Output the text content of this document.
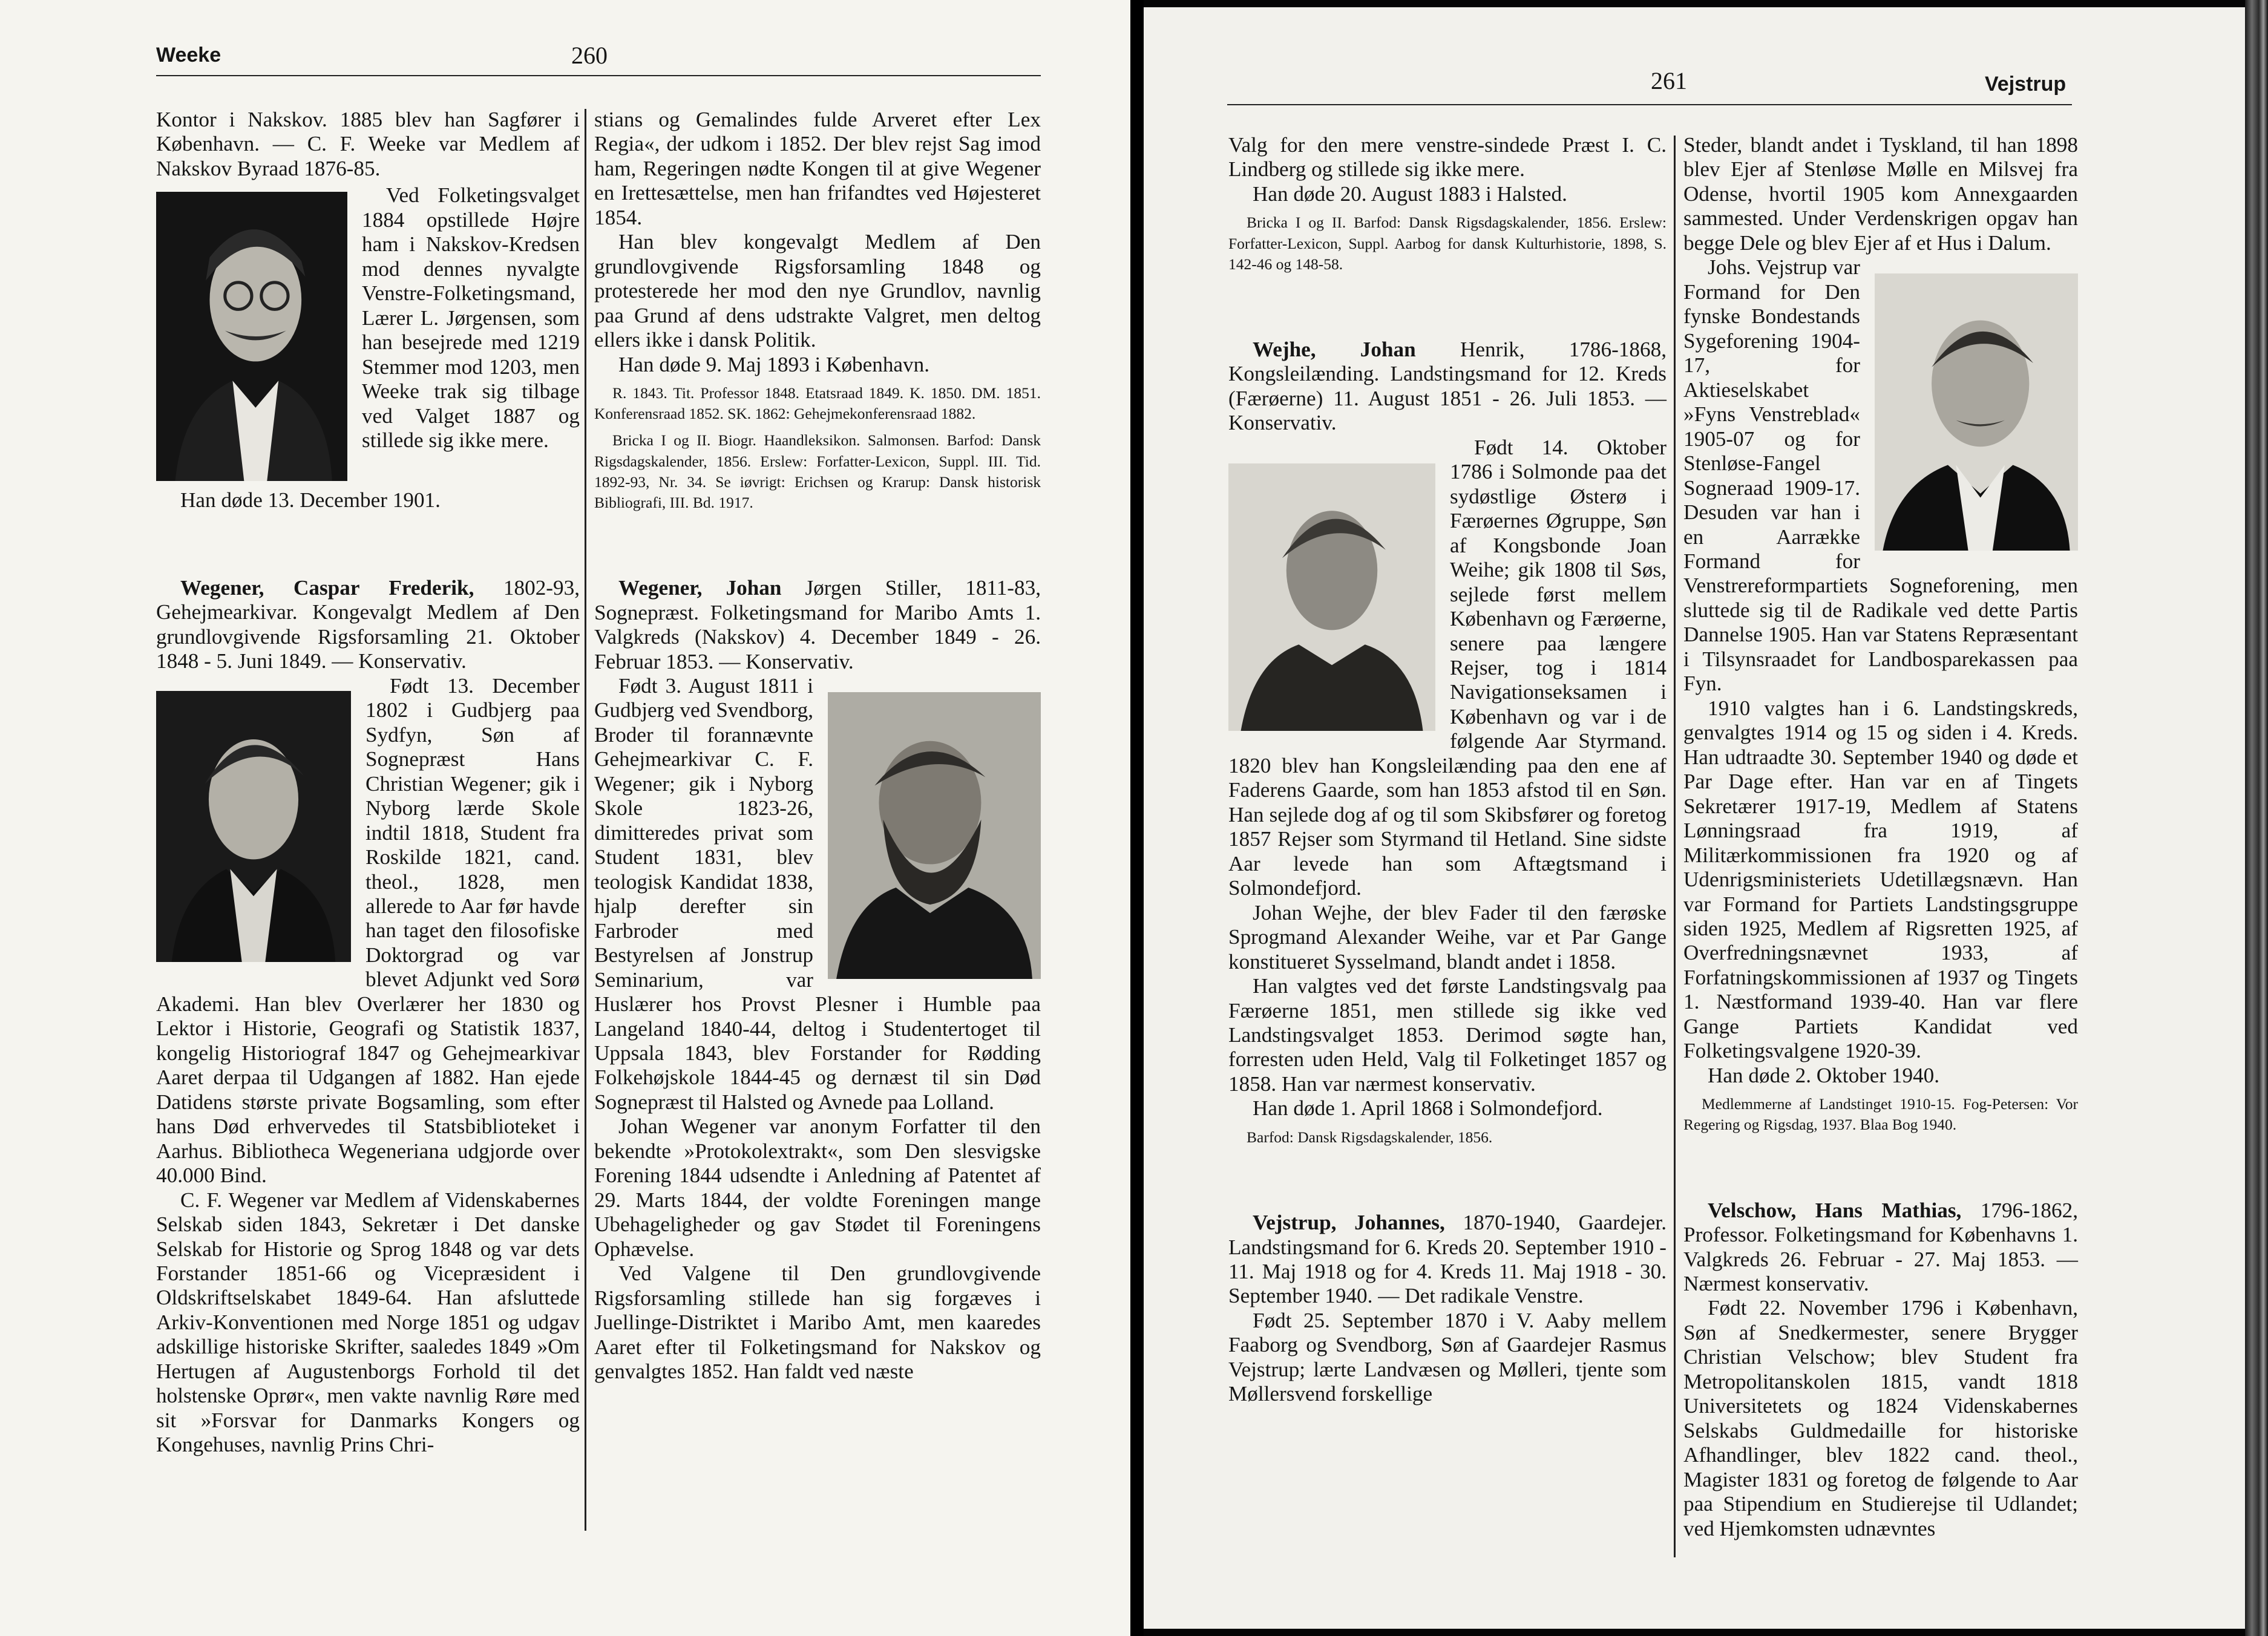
Weeke	260

Kontor i Nakskov. 1885 blev han Sagfører i København. — C. F. Weeke var Medlem af Nakskov Byraad 1876-85.

Ved Folketingsvalget 1884 opstillede Højre ham i Nakskov-Kredsen mod dennes nyvalgte Venstre-Folketingsmand, Lærer L. Jørgensen, som han besejrede med 1219 Stemmer mod 1203, men Weeke trak sig tilbage ved Valget 1887 og stillede sig ikke mere.

Han døde 13. December 1901.

Wegener, Caspar Frederik, 1802-93, Gehejmearkivar. Kongevalgt Medlem af Den grundlovgivende Rigsforsamling 21. Oktober 1848 - 5. Juni 1849. — Konservativ.

Født 13. December 1802 i Gudbjerg paa Sydfyn, Søn af Sognepræst Hans Christian Wegener; gik i Nyborg lærde Skole indtil 1818, Student fra Roskilde 1821, cand. theol., 1828, men allerede to Aar før havde han taget den filosofiske Doktorgrad og var blevet Adjunkt ved Sorø Akademi. Han blev Overlærer her 1830 og Lektor i Historie, Geografi og Statistik 1837, kongelig Historiograf 1847 og Gehejmearkivar Aaret derpaa til Udgangen af 1882. Han ejede Datidens største private Bogsamling, som efter hans Død erhvervedes til Statsbiblioteket i Aarhus. Bibliotheca Wegeneriana udgjorde over 40.000 Bind.

C. F. Wegener var Medlem af Videnskabernes Selskab siden 1843, Sekretær i Det danske Selskab for Historie og Sprog 1848 og var dets Forstander 1851-66 og Vicepræsident i Oldskriftselskabet 1849-64. Han afsluttede Arkiv-Konventionen med Norge 1851 og udgav adskillige historiske Skrifter, saaledes 1849 »Om Hertugen af Augustenborgs Forhold til det holstenske Oprør«, men vakte navnlig Røre med sit »Forsvar for Danmarks Kongers og Kongehuses, navnlig Prins Chri-

stians og Gemalindes fulde Arveret efter Lex Regia«, der udkom i 1852. Der blev rejst Sag imod ham, Regeringen nødte Kongen til at give Wegener en Irettesættelse, men han frifandtes ved Højesteret 1854.

Han blev kongevalgt Medlem af Den grundlovgivende Rigsforsamling 1848 og protesterede her mod den nye Grundlov, navnlig paa Grund af dens udstrakte Valgret, men deltog ellers ikke i dansk Politik.

Han døde 9. Maj 1893 i København.

R. 1843. Tit. Professor 1848. Etatsraad 1849. K. 1850. DM. 1851. Konferensraad 1852. SK. 1862: Gehejmekonferensraad 1882.

Bricka I og II. Biogr. Haandleksikon. Salmonsen. Barfod: Dansk Rigsdagskalender, 1856. Erslew: Forfatter-Lexicon, Suppl. III. Tid. 1892-93, Nr. 34. Se iøvrigt: Erichsen og Krarup: Dansk historisk Bibliografi, III. Bd. 1917.

Wegener, Johan Jørgen Stiller, 1811-83, Sognepræst. Folketingsmand for Maribo Amts 1. Valgkreds (Nakskov) 4. December 1849 - 26. Februar 1853. — Konservativ.

Født 3. August 1811 i Gudbjerg ved Svendborg, Broder til forannævnte Gehejmearkivar C. F. Wegener; gik i Nyborg Skole 1823-26, dimitteredes privat som Student 1831, blev teologisk Kandidat 1838, hjalp derefter sin Farbroder med Bestyrelsen af Jonstrup Seminarium, var Huslærer hos Provst Plesner i Humble paa Langeland 1840-44, deltog i Studentertoget til Uppsala 1843, blev Forstander for Rødding Folkehøjskole 1844-45 og dernæst til sin Død Sognepræst til Halsted og Avnede paa Lolland.

Johan Wegener var anonym Forfatter til den bekendte »Protokolextrakt«, som Den slesvigske Forening 1844 udsendte i Anledning af Patentet af 29. Marts 1844, der voldte Foreningen mange Ubehageligheder og gav Stødet til Foreningens Ophævelse.

Ved Valgene til Den grundlovgivende Rigsforsamling stillede han sig forgæves i Juellinge-Distriktet i Maribo Amt, men kaaredes Aaret efter til Folketingsmand for Nakskov og genvalgtes 1852. Han faldt ved næste

261	Vejstrup

Valg for den mere venstre-sindede Præst I. C. Lindberg og stillede sig ikke mere.

Han døde 20. August 1883 i Halsted.

Bricka I og II. Barfod: Dansk Rigsdagskalender, 1856. Erslew: Forfatter-Lexicon, Suppl. Aarbog for dansk Kulturhistorie, 1898, S. 142-46 og 148-58.

Wejhe, Johan Henrik, 1786-1868, Kongsleilænding. Landstingsmand for 12. Kreds (Færøerne) 11. August 1851 - 26. Juli 1853. — Konservativ.

Født 14. Oktober 1786 i Solmonde paa det sydøstlige Østerø i Færøernes Øgruppe, Søn af Kongsbonde Joan Weihe; gik 1808 til Søs, sejlede først mellem København og Færøerne, senere paa længere Rejser, tog i 1814 Navigationseksamen i København og var i de følgende Aar Styrmand. 1820 blev han Kongsleilænding paa den ene af Faderens Gaarde, som han 1853 afstod til en Søn. Han sejlede dog af og til som Skibsfører og foretog 1857 Rejser som Styrmand til Hetland. Sine sidste Aar levede han som Aftægtsmand i Solmondefjord.

Johan Wejhe, der blev Fader til den færøske Sprogmand Alexander Weihe, var et Par Gange konstitueret Sysselmand, blandt andet i 1858.

Han valgtes ved det første Landstingsvalg paa Færøerne 1851, men stillede sig ikke ved Landstingsvalget 1853. Derimod søgte han, forresten uden Held, Valg til Folketinget 1857 og 1858. Han var nærmest konservativ.

Han døde 1. April 1868 i Solmondefjord.

Barfod: Dansk Rigsdagskalender, 1856.

Vejstrup, Johannes, 1870-1940, Gaardejer. Landstingsmand for 6. Kreds 20. September 1910 - 11. Maj 1918 og for 4. Kreds 11. Maj 1918 - 30. September 1940. — Det radikale Venstre.

Født 25. September 1870 i V. Aaby mellem Faaborg og Svendborg, Søn af Gaardejer Rasmus Vejstrup; lærte Landvæsen og Mølleri, tjente som Møllersvend forskellige

Steder, blandt andet i Tyskland, til han 1898 blev Ejer af Stenløse Mølle en Milsvej fra Odense, hvortil 1905 kom Annexgaarden sammested. Under Verdenskrigen opgav han begge Dele og blev Ejer af et Hus i Dalum.

Johs. Vejstrup var Formand for Den fynske Bondestands Sygeforening 1904-17, for Aktieselskabet »Fyns Venstreblad« 1905-07 og for Stenløse-Fangel Sogneraad 1909-17. Desuden var han i en Aarrække Formand for Venstrereformpartiets Sogneforening, men sluttede sig til de Radikale ved dette Partis Dannelse 1905. Han var Statens Repræsentant i Tilsynsraadet for Landbosparekassen paa Fyn.

1910 valgtes han i 6. Landstingskreds, genvalgtes 1914 og 15 og siden i 4. Kreds. Han udtraadte 30. September 1940 og døde et Par Dage efter. Han var en af Tingets Sekretærer 1917-19, Medlem af Statens Lønningsraad fra 1919, af Militærkommissionen fra 1920 og af Udenrigsministeriets Udetillægsnævn. Han var Formand for Partiets Landstingsgruppe siden 1925, Medlem af Rigsretten 1925, af Overfredningsnævnet 1933, af Forfatningskommissionen af 1937 og Tingets 1. Næstformand 1939-40. Han var flere Gange Partiets Kandidat ved Folketingsvalgene 1920-39.

Han døde 2. Oktober 1940.

Medlemmerne af Landstinget 1910-15. Fog-Petersen: Vor Regering og Rigsdag, 1937. Blaa Bog 1940.

Velschow, Hans Mathias, 1796-1862, Professor. Folketingsmand for Københavns 1. Valgkreds 26. Februar - 27. Maj 1853. — Nærmest konservativ.

Født 22. November 1796 i København, Søn af Snedkermester, senere Brygger Christian Velschow; blev Student fra Metropolitanskolen 1815, vandt 1818 Universitetets og 1824 Videnskabernes Selskabs Guldmedaille for historiske Afhandlinger, blev 1822 cand. theol., Magister 1831 og foretog de følgende to Aar paa Stipendium en Studierejse til Udlandet; ved Hjemkomsten udnævntes
